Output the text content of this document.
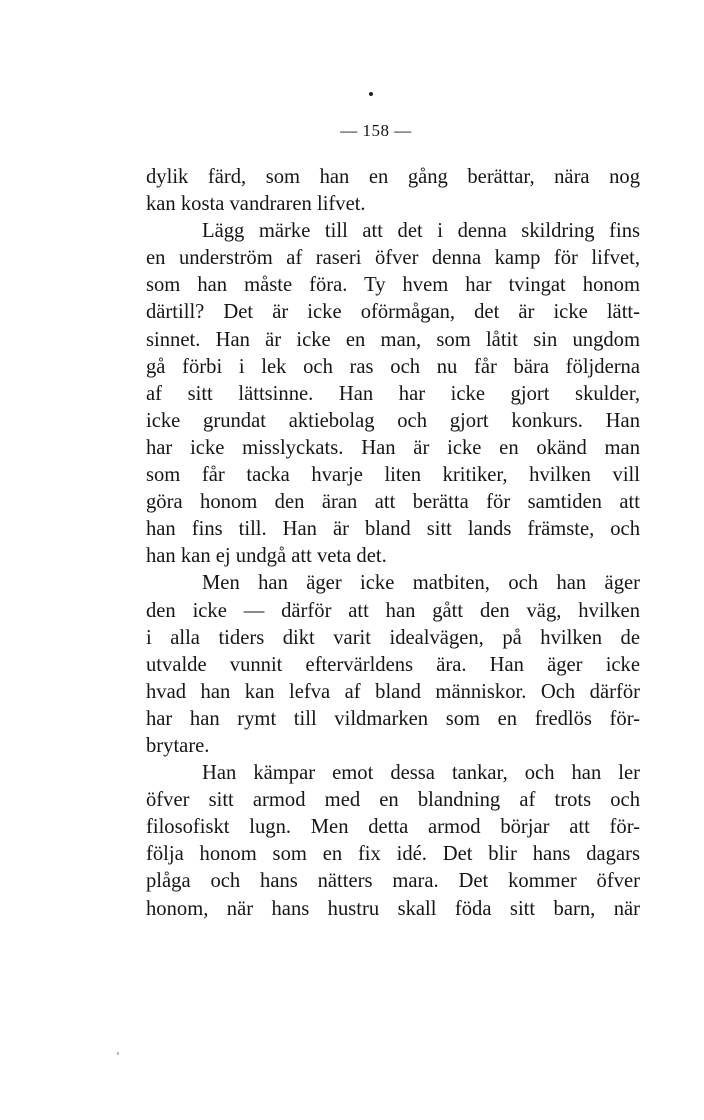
— 158 —
dylik färd, som han en gång berättar, nära nog
kan kosta vandraren lifvet.
Lägg märke till att det i denna skildring fins
en underström af raseri öfver denna kamp för lifvet,
som han måste föra. Ty hvem har tvingat honom
därtill? Det är icke oförmågan, det är icke lätt-
sinnet. Han är icke en man, som låtit sin ungdom
gå förbi i lek och ras och nu får bära följderna
af sitt lättsinne. Han har icke gjort skulder,
icke grundat aktiebolag och gjort konkurs. Han
har icke misslyckats. Han är icke en okänd man
som får tacka hvarje liten kritiker, hvilken vill
göra honom den äran att berätta för samtiden att
han fins till. Han är bland sitt lands främste, och
han kan ej undgå att veta det.
Men han äger icke matbiten, och han äger
den icke — därför att han gått den väg, hvilken
i alla tiders dikt varit idealvägen, på hvilken de
utvalde vunnit eftervärldens ära. Han äger icke
hvad han kan lefva af bland människor. Och därför
har han rymt till vildmarken som en fredlös för-
brytare.
Han kämpar emot dessa tankar, och han ler
öfver sitt armod med en blandning af trots och
filosofiskt lugn. Men detta armod börjar att för-
följa honom som en fix idé. Det blir hans dagars
plåga och hans nätters mara. Det kommer öfver
honom, när hans hustru skall föda sitt barn, när
